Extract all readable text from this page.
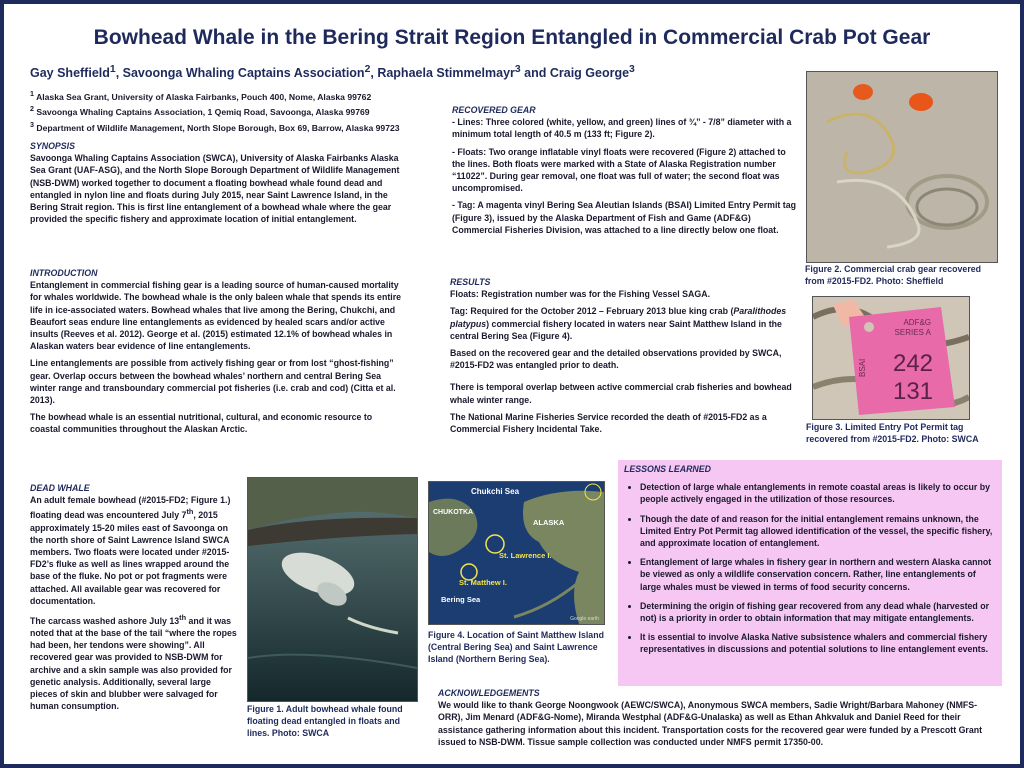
Bowhead Whale in the Bering Strait Region Entangled in Commercial Crab Pot Gear
Gay Sheffield$^1$, Savoonga Whaling Captains Association$^2$, Raphaela Stimmelmayr$^3$ and Craig George$^3$
$^1$ Alaska Sea Grant, University of Alaska Fairbanks, Pouch 400, Nome, Alaska 99762
$^2$ Savoonga Whaling Captains Association, 1 Qemiq Road, Savoonga, Alaska 99769
$^3$ Department of Wildlife Management, North Slope Borough, Box 69, Barrow, Alaska 99723
SYNOPSIS
Savoonga Whaling Captains Association (SWCA), University of Alaska Fairbanks Alaska Sea Grant (UAF-ASG), and the North Slope Borough Department of Wildlife Management (NSB-DWM) worked together to document a floating bowhead whale found dead and entangled in nylon line and floats during July 2015, near Saint Lawrence Island, in the Bering Strait region. This is first line entanglement of a bowhead whale where the gear provided the specific fishery and approximate location of initial entanglement.
INTRODUCTION

Entanglement in commercial fishing gear is a leading source of human-caused mortality for whales worldwide. The bowhead whale is the only baleen whale that spends its entire life in ice-associated waters. Bowhead whales that live among the Bering, Chukchi, and Beaufort seas endure line entanglements as evidenced by healed scars and/or active insults (Reeves et al. 2012). George et al. (2015) estimated 12.1% of bowhead whales in Alaskan waters bear evidence of line entanglements.

Line entanglements are possible from actively fishing gear or from lost “ghost-fishing” gear. Overlap occurs between the bowhead whales’ northern and central Bering Sea winter range and transboundary commercial pot fisheries (i.e. crab and cod) (Citta et al. 2013).

The bowhead whale is an essential nutritional, cultural, and economic resource to coastal communities throughout the Alaskan Arctic.

DEAD WHALE

An adult female bowhead (#2015-FD2; Figure 1.) floating dead was encountered July 7th, 2015 approximately 15-20 miles east of Savoonga on the north shore of Saint Lawrence Island SWCA members. Two floats were located under #2015-FD2’s fluke as well as lines wrapped around the base of the fluke. No pot or pot fragments were attached. All available gear was recovered for documentation.

The carcass washed ashore July 13th and it was noted that at the base of the tail “where the ropes had been, her tendons were showing”. All recovered gear was provided to NSB-DWM for archive and a skin sample was also provided for genetic analysis. Additionally, several large pieces of skin and blubber were salvaged for human consumption.	Figure 1. Adult bowhead whale found floating dead entangled in floats and lines. Photo: SWCA
RECOVERED GEAR

- Lines: Three colored (white, yellow, and green) lines of ¾” - 7/8” diameter with a minimum total length of 40.5 m (133 ft; Figure 2).

- Floats: Two orange inflatable vinyl floats were recovered (Figure 2) attached to the lines. Both floats were marked with a State of Alaska Registration number “11022”. During gear removal, one float was full of water; the second float was uncompromised.

- Tag: A magenta vinyl Bering Sea Aleutian Islands (BSAI) Limited Entry Permit tag (Figure 3), issued by the Alaska Department of Fish and Game (ADF&G) Commercial Fisheries Division, was attached to a line directly below one float.

RESULTS

Floats: Registration number was for the Fishing Vessel SAGA.

Tag: Required for the October 2012 – February 2013 blue king crab (Paralithodes platypus) commercial fishery located in waters near Saint Matthew Island in the central Bering Sea (Figure 4).

Based on the recovered gear and the detailed observations provided by SWCA, #2015-FD2 was entangled prior to death.

There is temporal overlap between active commercial crab fisheries and bowhead whale winter range.

The National Marine Fisheries Service recorded the death of #2015-FD2 as a Commercial Fishery Incidental Take.

Figure 2. Commercial crab gear recovered from #2015-FD2. Photo: Sheffield
ADF&G
SERIES A
242
131
BSAI
Figure 3. Limited Entry Pot Permit tag recovered from #2015-FD2. Photo: SWCA
Chukchi Sea
CHUKOTKA
ALASKA
St. Lawrence I.
St. Matthew I.
Bering Sea
Google earth
Figure 4. Location of Saint Matthew Island (Central Bering Sea) and Saint Lawrence Island (Northern Bering Sea).
LESSONS LEARNED
• Detection of large whale entanglements in remote coastal areas is likely to occur by people actively engaged in the utilization of those resources.
• Though the date of and reason for the initial entanglement remains unknown, the Limited Entry Pot Permit tag allowed identification of the vessel, the specific fishery, and approximate location of entanglement.
• Entanglement of large whales in fishery gear in northern and western Alaska cannot be viewed as only a wildlife conservation concern. Rather, line entanglements of large whales must be viewed in terms of food security concerns.
• Determining the origin of fishing gear recovered from any dead whale (harvested or not) is a priority in order to obtain information that may mitigate entanglements.
• It is essential to involve Alaska Native subsistence whalers and commercial fishery representatives in discussions and potential solutions to line entanglement events.
ACKNOWLEDGEMENTS
We would like to thank George Noongwook (AEWC/SWCA), Anonymous SWCA members, Sadie Wright/Barbara Mahoney (NMFS-ORR), Jim Menard (ADF&G-Nome), Miranda Westphal (ADF&G-Unalaska) as well as Ethan Ahkvaluk and Daniel Reed for their assistance gathering information about this incident. Transportation costs for the recovered gear were funded by a Prescott Grant issued to NSB-DWM. Tissue sample collection was conducted under NMFS permit 17350-00.
